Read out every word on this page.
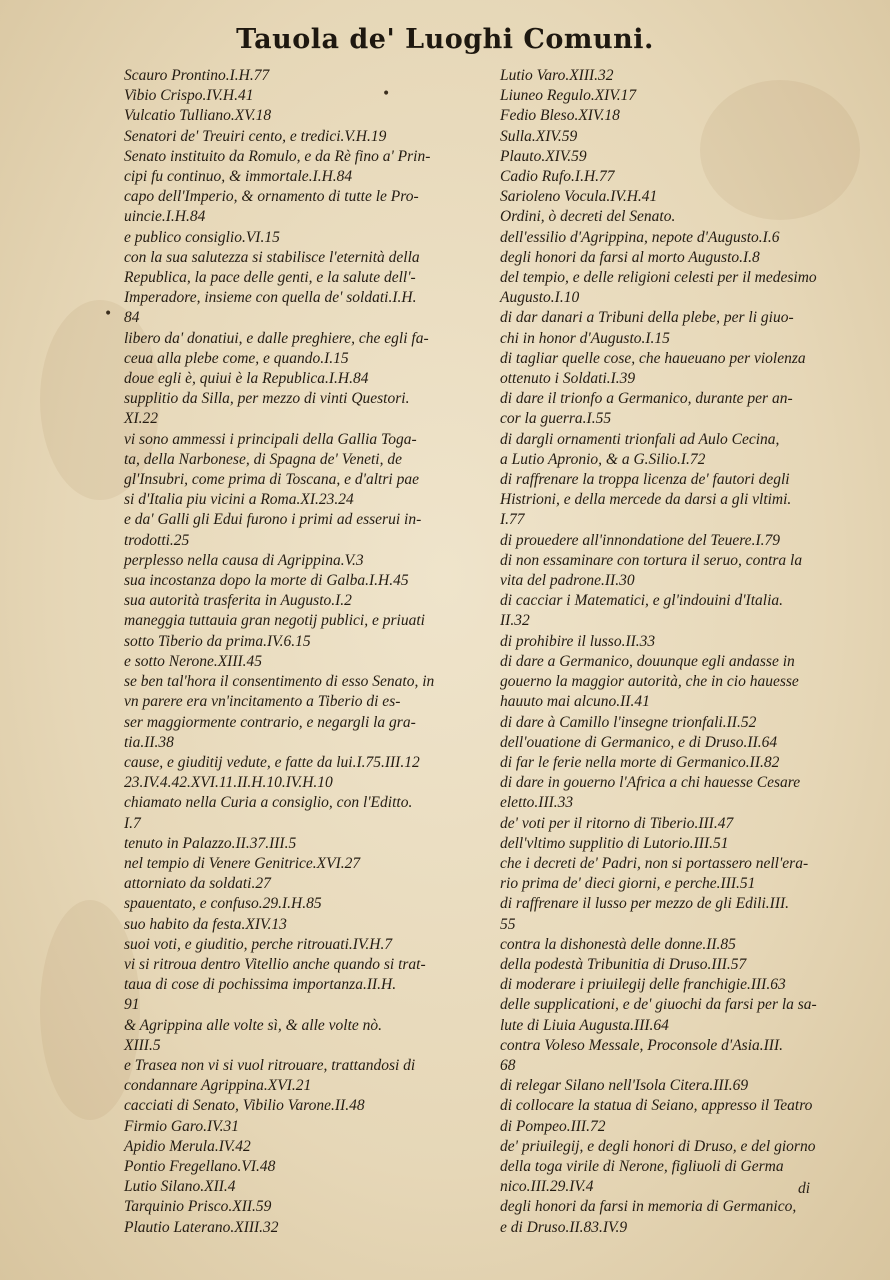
Tauola de' Luoghi Comuni.
•
•
Scauro Prontino.I.H.77
Vibio Crispo.IV.H.41
Vulcatio Tulliano.XV.18
Senatori de' Treuiri cento, e tredici.V.H.19
Senato instituito da Romulo, e da Rè fino a' Prin-
cipi fu continuo, & immortale.I.H.84
capo dell'Imperio, & ornamento di tutte le Pro-
uincie.I.H.84
e publico consiglio.VI.15
con la sua salutezza si stabilisce l'eternità della
Republica, la pace delle genti, e la salute dell'-
Imperadore, insieme con quella de' soldati.I.H.
84
libero da' donatiui, e dalle preghiere, che egli fa-
ceua alla plebe come, e quando.I.15
doue egli è, quiui è la Republica.I.H.84
supplitio da Silla, per mezzo di vinti Questori.
XI.22
vi sono ammessi i principali della Gallia Toga-
ta, della Narbonese, di Spagna de' Veneti, de
gl'Insubri, come prima di Toscana, e d'altri pae
si d'Italia piu vicini a Roma.XI.23.24
e da' Galli gli Edui furono i primi ad esserui in-
trodotti.25
perplesso nella causa di Agrippina.V.3
sua incostanza dopo la morte di Galba.I.H.45
sua autorità trasferita in Augusto.I.2
maneggia tuttauia gran negotij publici, e priuati
sotto Tiberio da prima.IV.6.15
e sotto Nerone.XIII.45
se ben tal'hora il consentimento di esso Senato, in
vn parere era vn'incitamento a Tiberio di es-
ser maggiormente contrario, e negargli la gra-
tia.II.38
cause, e giuditij vedute, e fatte da lui.I.75.III.12
23.IV.4.42.XVI.11.II.H.10.IV.H.10
chiamato nella Curia a consiglio, con l'Editto.
I.7
tenuto in Palazzo.II.37.III.5
nel tempio di Venere Genitrice.XVI.27
attorniato da soldati.27
spauentato, e confuso.29.I.H.85
suo habito da festa.XIV.13
suoi voti, e giuditio, perche ritrouati.IV.H.7
vi si ritroua dentro Vitellio anche quando si trat-
taua di cose di pochissima importanza.II.H.
91
& Agrippina alle volte sì, & alle volte nò.
XIII.5
e Trasea non vi si vuol ritrouare, trattandosi di
condannare Agrippina.XVI.21
cacciati di Senato, Vibilio Varone.II.48
Firmio Garo.IV.31
Apidio Merula.IV.42
Pontio Fregellano.VI.48
Lutio Silano.XII.4
Tarquinio Prisco.XII.59
Plautio Laterano.XIII.32
Lutio Varo.XIII.32
Liuneo Regulo.XIV.17
Fedio Bleso.XIV.18
Sulla.XIV.59
Plauto.XIV.59
Cadio Rufo.I.H.77
Sarioleno Vocula.IV.H.41
Ordini, ò decreti del Senato.
dell'essilio d'Agrippina, nepote d'Augusto.I.6
degli honori da farsi al morto Augusto.I.8
del tempio, e delle religioni celesti per il medesimo
Augusto.I.10
di dar danari a Tribuni della plebe, per li giuo-
chi in honor d'Augusto.I.15
di tagliar quelle cose, che haueuano per violenza
ottenuto i Soldati.I.39
di dare il trionfo a Germanico, durante per an-
cor la guerra.I.55
di dargli ornamenti trionfali ad Aulo Cecina,
a Lutio Apronio, & a G.Silio.I.72
di raffrenare la troppa licenza de' fautori degli
Histrioni, e della mercede da darsi a gli vltimi.
I.77
di prouedere all'innondatione del Teuere.I.79
di non essaminare con tortura il seruo, contra la
vita del padrone.II.30
di cacciar i Matematici, e gl'indouini d'Italia.
II.32
di prohibire il lusso.II.33
di dare a Germanico, douunque egli andasse in
gouerno la maggior autorità, che in cio hauesse
hauuto mai alcuno.II.41
di dare à Camillo l'insegne trionfali.II.52
dell'ouatione di Germanico, e di Druso.II.64
di far le ferie nella morte di Germanico.II.82
di dare in gouerno l'Africa a chi hauesse Cesare
eletto.III.33
de' voti per il ritorno di Tiberio.III.47
dell'vltimo supplitio di Lutorio.III.51
che i decreti de' Padri, non si portassero nell'era-
rio prima de' dieci giorni, e perche.III.51
di raffrenare il lusso per mezzo de gli Edili.III.
55
contra la dishonestà delle donne.II.85
della podestà Tribunitia di Druso.III.57
di moderare i priuilegij delle franchigie.III.63
delle supplicationi, e de' giuochi da farsi per la sa-
lute di Liuia Augusta.III.64
contra Voleso Messale, Proconsole d'Asia.III.
68
di relegar Silano nell'Isola Citera.III.69
di collocare la statua di Seiano, appresso il Teatro
di Pompeo.III.72
de' priuilegij, e degli honori di Druso, e del giorno
della toga virile di Nerone, figliuoli di Germa
nico.III.29.IV.4
degli honori da farsi in memoria di Germanico,
e di Druso.II.83.IV.9
di
